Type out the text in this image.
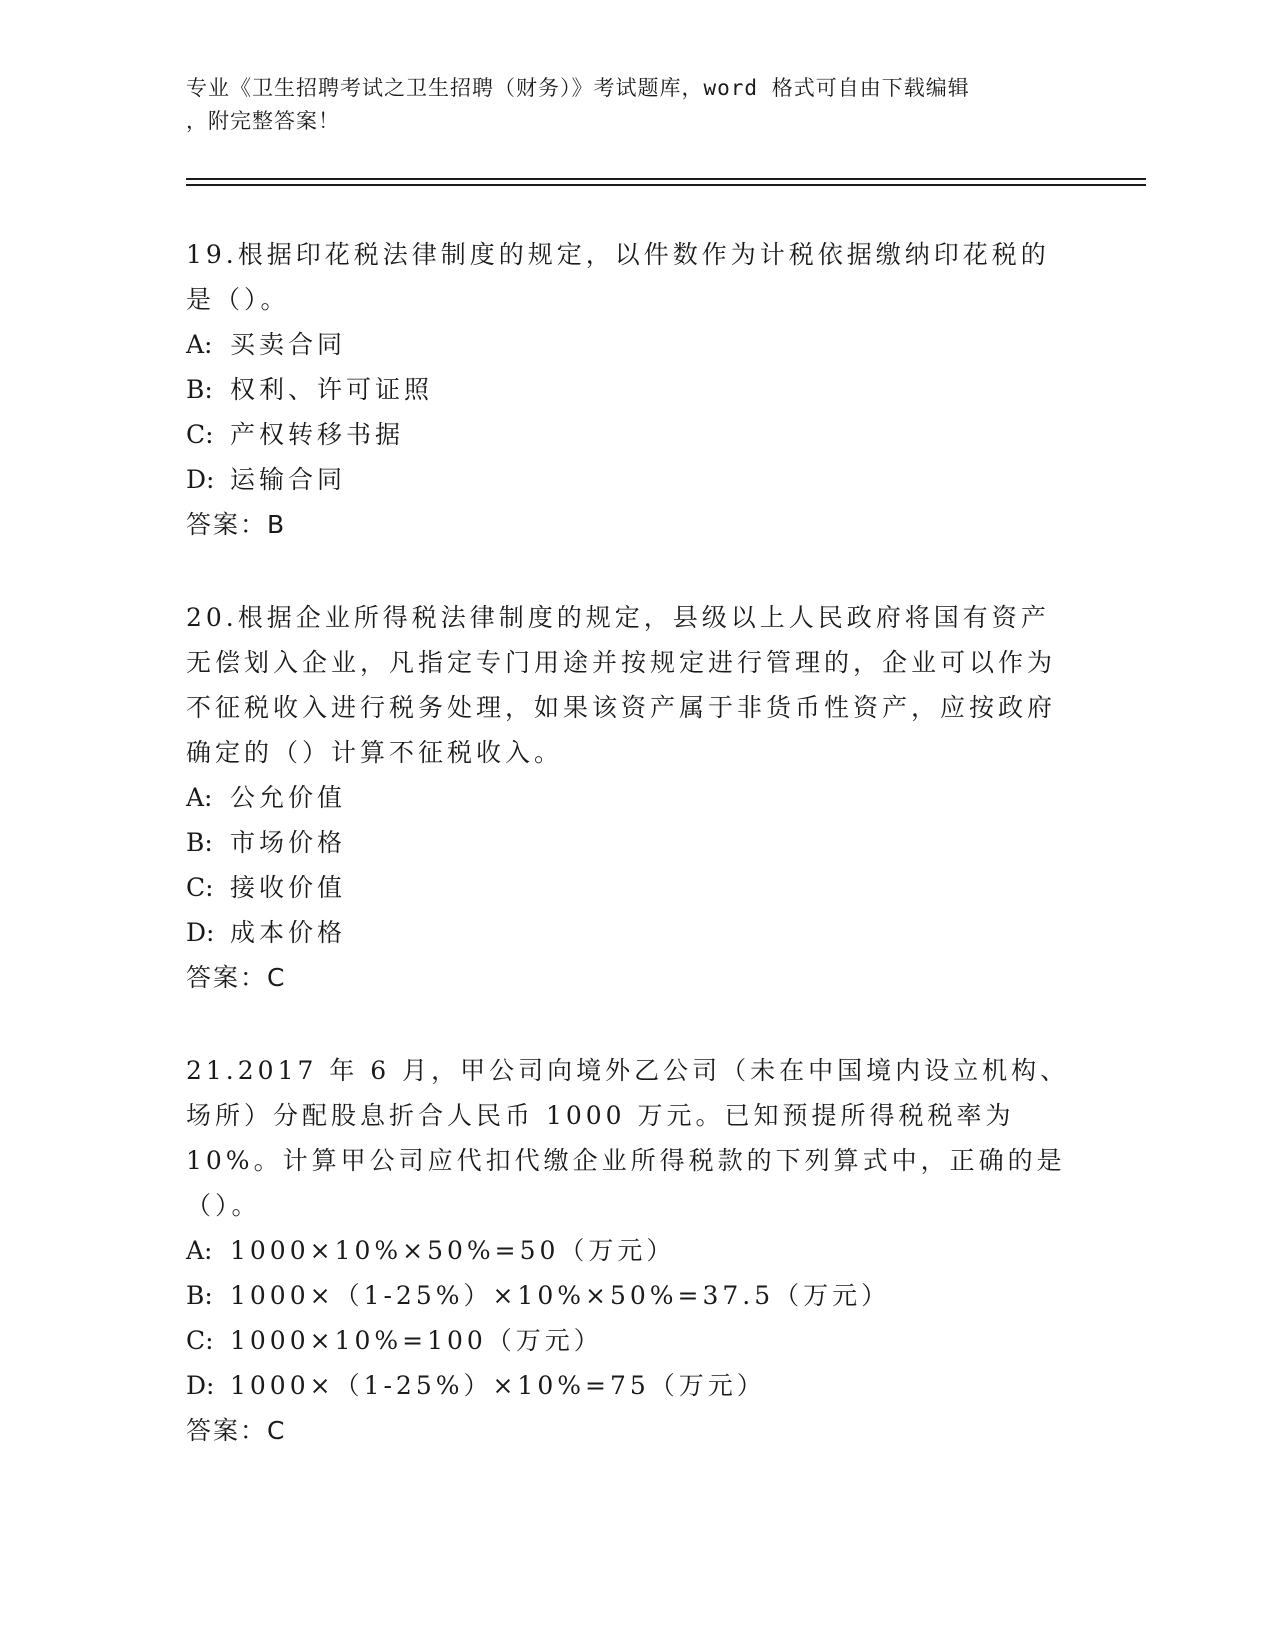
专业《卫生招聘考试之卫生招聘（财务）》考试题库，word 格式可自由下载编辑
，附完整答案！

19.根据印花税法律制度的规定，以件数作为计税依据缴纳印花税的是（）。

A: 买卖合同

B: 权利、许可证照

C: 产权转移书据

D: 运输合同

答案：B

20.根据企业所得税法律制度的规定，县级以上人民政府将国有资产无偿划入企业，凡指定专门用途并按规定进行管理的，企业可以作为不征税收入进行税务处理，如果该资产属于非货币性资产，应按政府确定的（）计算不征税收入。

A: 公允价值

B: 市场价格

C: 接收价值

D: 成本价格

答案：C

21.2017 年 6 月，甲公司向境外乙公司（未在中国境内设立机构、场所）分配股息折合人民币 1000 万元。已知预提所得税税率为 10%。计算甲公司应代扣代缴企业所得税款的下列算式中，正确的是（）。

A: 1000×10%×50%=50（万元）

B: 1000×（1-25%）×10%×50%=37.5（万元）

C: 1000×10%=100（万元）

D: 1000×（1-25%）×10%=75（万元）

答案：C
